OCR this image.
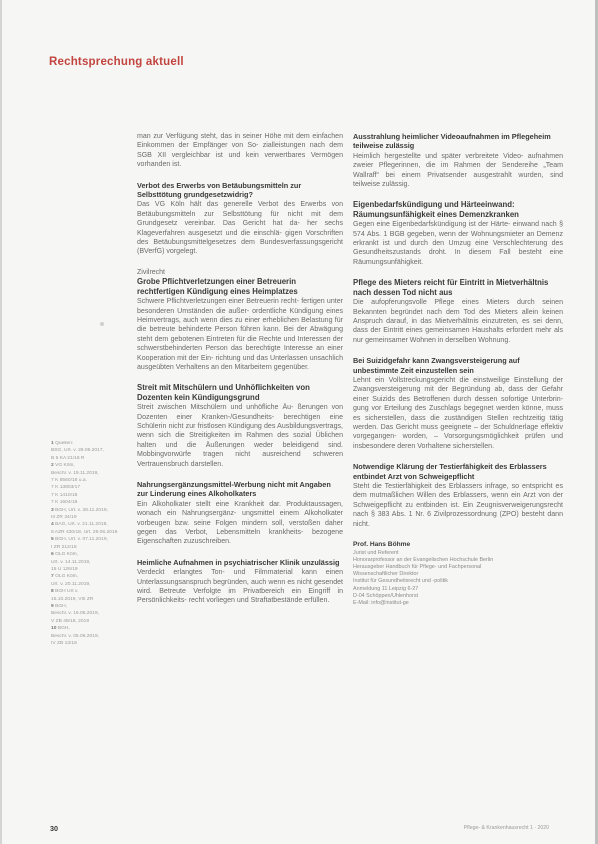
Rechtsprechung aktuell

man zur Verfügung steht, das in seiner Höhe mit dem einfachen Einkommen der Empfänger von So- zialleistungen nach dem SGB XII vergleichbar ist und kein verwertbares Vermögen vorhanden ist.

Verbot des Erwerbs von Betäubungsmitteln zur Selbsttötung grundgesetzwidrig?

Das VG Köln hält das generelle Verbot des Erwerbs von Betäubungsmitteln zur Selbsttötung für nicht mit dem Grundgesetz vereinbar. Das Gericht hat da- her sechs Klageverfahren ausgesetzt und die einschlä- gigen Vorschriften des Betäubungsmittelgesetzes dem Bundesverfassungsgericht (BVerfG) vorgelegt.

Zivilrecht

Grobe Pflichtverletzungen einer Betreuerin rechtfertigen Kündigung eines Heimplatzes

Schwere Pflichtverletzungen einer Betreuerin recht- fertigen unter besonderen Umständen die außer- ordentliche Kündigung eines Heimvertrags, auch wenn dies zu einer erheblichen Belastung für die betreute behinderte Person führen kann. Bei der Abwägung steht dem gebotenen Eintreten für die Rechte und Interessen der schwerstbehinderten Person das berechtigte Interesse an einer Kooperation mit der Ein- richtung und das Unterlassen unsachlich ausgeübten Verhaltens an den Mitarbeitern gegenüber.

Streit mit Mitschülern und Unhöflichkeiten von Dozenten kein Kündigungsgrund

Streit zwischen Mitschülern und unhöfliche Äu- ßerungen von Dozenten einer Kranken-/Gesundheits- berechtigen eine Schülerin nicht zur fristlosen Kündigung des Ausbildungsvertrags, wenn sich die Streitigkeiten im Rahmen des sozial Üblichen halten und die Äußerungen weder beleidigend sind. Mobbingvorwürfe tragen nicht ausreichend schweren Vertrauensbruch darstellen.

Nahrungsergänzungsmittel-Werbung nicht mit Angaben zur Linderung eines Alkoholkaters

Ein Alkoholkater stellt eine Krankheit dar. Produktaussagen, wonach ein Nahrungsergänz- ungsmittel einem Alkoholkater vorbeugen bzw. seine Folgen mindern soll, verstoßen daher gegen das Verbot, Lebensmitteln krankheits- bezogene Eigenschaften zuzuschreiben.

Heimliche Aufnahmen in psychiatrischer Klinik unzulässig

Verdeckt erlangtes Ton- und Filmmaterial kann einen Unterlassungsanspruch begründen, auch wenn es nicht gesendet wird. Betreute Verfolgte im Privatbereich ein Eingriff in Persönlichkeits- recht vorliegen und Straftatbestände erfüllen.

Ausstrahlung heimlicher Videoaufnahmen im Pflegeheim teilweise zulässig

Heimlich hergestellte und später verbreitete Video- aufnahmen zweier Pflegerinnen, die im Rahmen der Sendereihe „Team Wallraff“ bei einem Privatsender ausgestrahlt wurden, sind teilweise zulässig.

Eigenbedarfskündigung und Härteeinwand: Räumungsunfähigkeit eines Demenzkranken

Gegen eine Eigenbedarfskündigung ist der Härte- einwand nach § 574 Abs. 1 BGB gegeben, wenn der Wohnungsmieter an Demenz erkrankt ist und durch den Umzug eine Verschlechterung des Gesundheitszustands droht. In diesem Fall besteht eine Räumungsunfähigkeit.

Pflege des Mieters reicht für Eintritt in Mietverhältnis nach dessen Tod nicht aus

Die aufopferungsvolle Pflege eines Mieters durch seinen Bekannten begründet nach dem Tod des Mieters allein keinen Anspruch darauf, in das Mietverhältnis einzutreten, es sei denn, dass der Eintritt eines gemeinsamen Haushalts erfordert mehr als nur gemeinsamer Wohnen in derselben Wohnung.

Bei Suizidgefahr kann Zwangsversteigerung auf unbestimmte Zeit einzustellen sein

Lehnt ein Vollstreckungsgericht die einstweilige Einstellung der Zwangsversteigerung mit der Begründung ab, dass der Gefahr einer Suizids des Betroffenen durch dessen sofortige Unterbrin- gung vor Erteilung des Zuschlags begegnet werden könne, muss es sicherstellen, dass die zuständigen Stellen rechtzeitig tätig werden. Das Gericht muss geeignete – der Schuldnerlage effektiv vorgegangen- worden, – Vorsorgungsmöglichkeit prüfen und insbesondere deren Vorhaltene sicherstellen.

Notwendige Klärung der Testierfähigkeit des Erblassers entbindet Arzt von Schweigepflicht

Steht die Testierfähigkeit des Erblassers infrage, so entspricht es dem mutmaßlichen Willen des Erblassers, wenn ein Arzt von der Schweigepflicht zu entbinden ist. Ein Zeugnisverweigerungsrecht nach § 383 Abs. 1 Nr. 6 Zivilprozessordnung (ZPO) besteht dann nicht.

Prof. Hans Böhme
Jurist und Referent
Honorarprofessor an der Evangelischen Hochschule Berlin
Herausgeber Handbuch für Pflege- und Fachpersonal
Wissenschaftlicher Direktor
Institut für Gesundheitsrecht und -politik
Anmeldung 11 Leipzig 6-27
D-04 Schöppen/Uhlenhorst
E-Mail: info@institut-ge
1 Quellen:
BSG, Urt. v. 28.06.2017,
B 6 KA 21/16 R
2 VG Köln,
Beschl. v. 19.11.2019,
7 K 8560/18 u.a.
7 K 13803/17
7 K 1410/18
7 K 1604/18
3 BGH, Urt. v. 28.11.2019,
III ZR 34/19
4 BAG, Urt. v. 21.11.2019,
8 AZR 430/18, Urt. 29.06.2019
5 BGH, Urt. v. 07.11.2019,
I ZR 212/18
6 OLG Köln,
Urt. v. 14.11.2019,
15 U 126/19
7 OLG Köln,
Urt. v. 20.11.2019,
8 BGH Urt v.
15.10.2019, VIII ZR
9 BGH,
Beschl. v. 16.05.2019,
V ZB 48/18, 2019
10 BGH,
Beschl. v. 05.06.2019,
IV ZB 13/18
30	Pflege- & Krankenhausrecht 1 · 2020
